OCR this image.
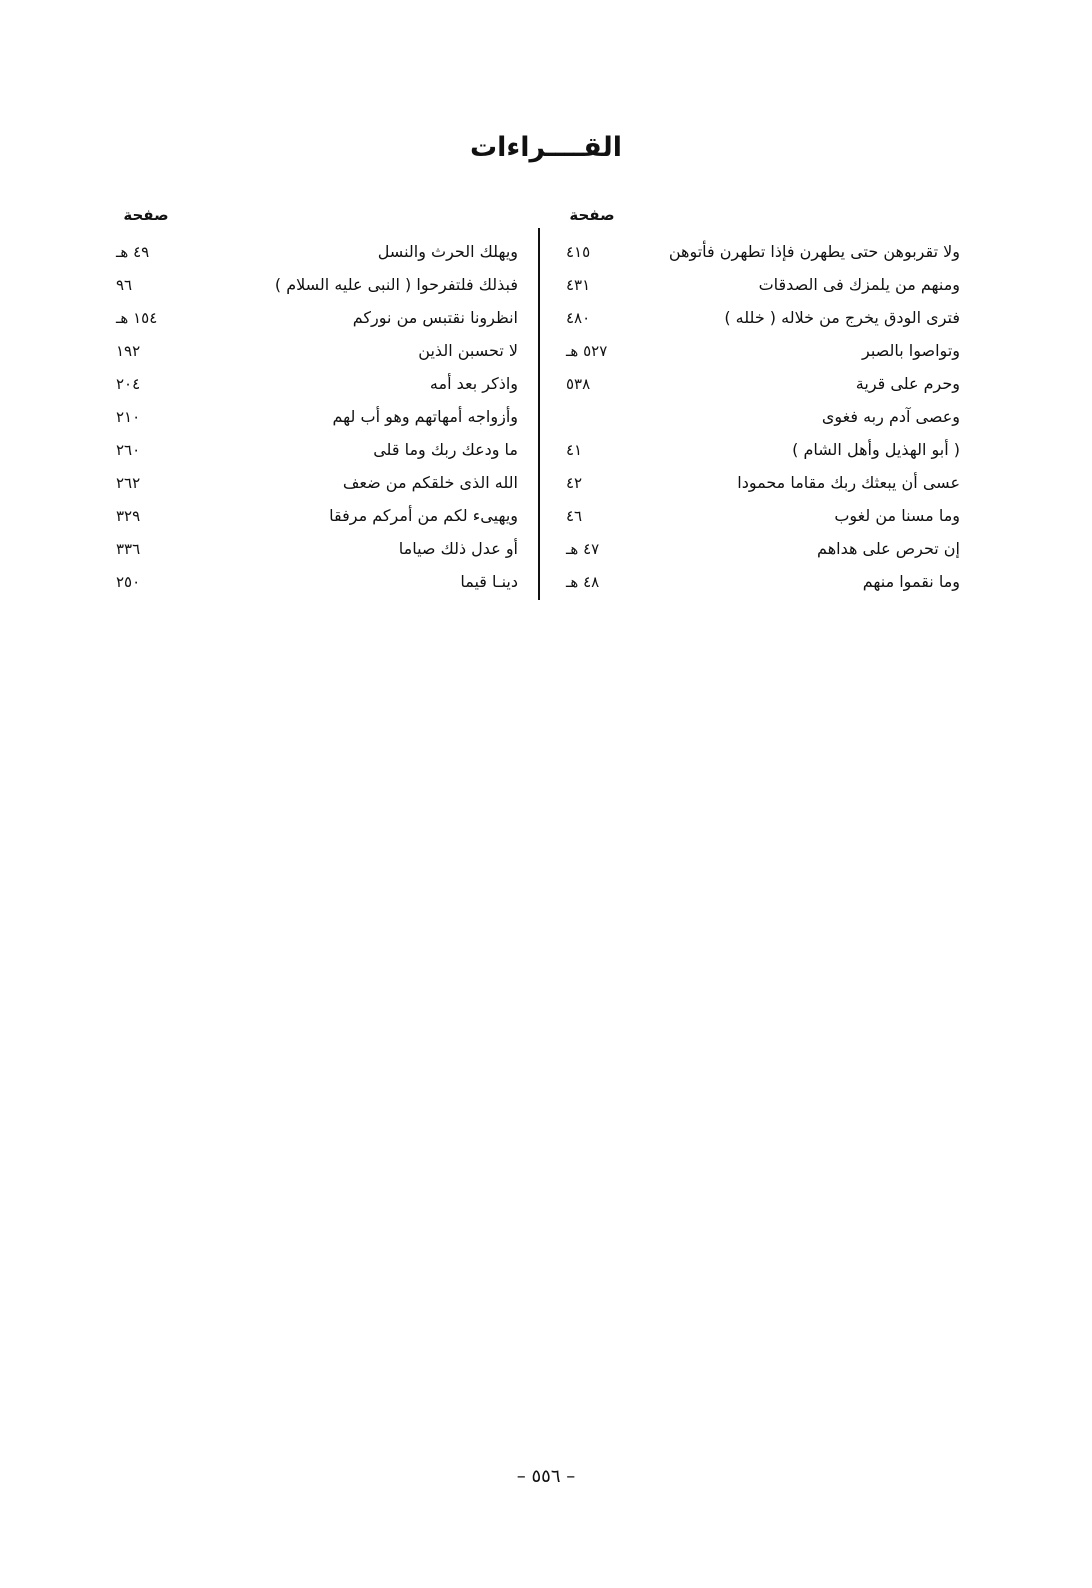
القــــراءات
صفحة
صفحة
ولا تقربوهن حتى يطهرن فإذا تطهرن فأتوهن
٤١٥
ومنهم من يلمزك فى الصدقات
٤٣١
فترى الودق يخرج من خلاله ( خلله )
٤٨٠
وتواصوا بالصبر
٥٢٧ هـ
وحرم على قرية
٥٣٨
وعصى آدم ربه فغوى
( أبو الهذيل وأهل الشام )
٤١
عسى أن يبعثك ربك مقاما محمودا
٤٢
وما مسنا من لغوب
٤٦
إن تحرص على هداهم
٤٧ هـ
وما نقموا منهم
٤٨ هـ
ويهلك الحرث والنسل
٤٩ هـ
فبذلك فلتفرحوا ( النبى عليه السلام )
٩٦
انظرونا نقتبس من نوركم
١٥٤ هـ
لا تحسبن الذين
١٩٢
واذكر بعد أمه
٢٠٤
وأزواجه أمهاتهم وهو أب لهم
٢١٠
ما ودعك ربك وما قلى
٢٦٠
الله الذى خلقكم من ضعف
٢٦٢
ويهيىء لكم من أمركم مرفقا
٣٢٩
أو عدل ذلك صياما
٣٣٦
دينـا قيما
٢٥٠
– ٥٥٦ –
